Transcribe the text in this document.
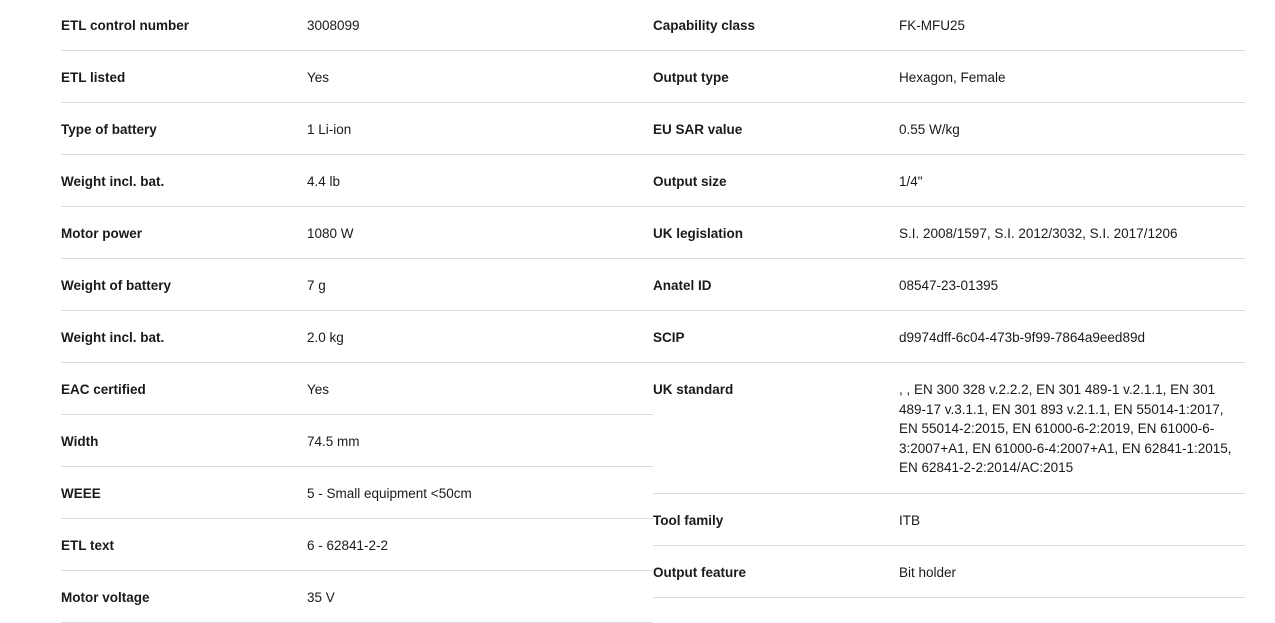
ETL control number	3008099
ETL listed	Yes
Type of battery	1 Li-ion
Weight incl. bat.	4.4 lb
Motor power	1080 W
Weight of battery	7 g
Weight incl. bat.	2.0 kg
EAC certified	Yes
Width	74.5 mm
WEEE	5 - Small equipment <50cm
ETL text	6 - 62841-2-2
Motor voltage	35 V
Capability class	FK-MFU25
Output type	Hexagon, Female
EU SAR value	0.55 W/kg
Output size	1/4"
UK legislation	S.I. 2008/1597, S.I. 2012/3032, S.I. 2017/1206
Anatel ID	08547-23-01395
SCIP	d9974dff-6c04-473b-9f99-7864a9eed89d
UK standard	, , EN 300 328 v.2.2.2, EN 301 489-1 v.2.1.1, EN 301 489-17 v.3.1.1, EN 301 893 v.2.1.1, EN 55014-1:2017, EN 55014-2:2015, EN 61000-6-2:2019, EN 61000-6-3:2007+A1, EN 61000-6-4:2007+A1, EN 62841-1:2015, EN 62841-2-2:2014/AC:2015
Tool family	ITB
Output feature	Bit holder
